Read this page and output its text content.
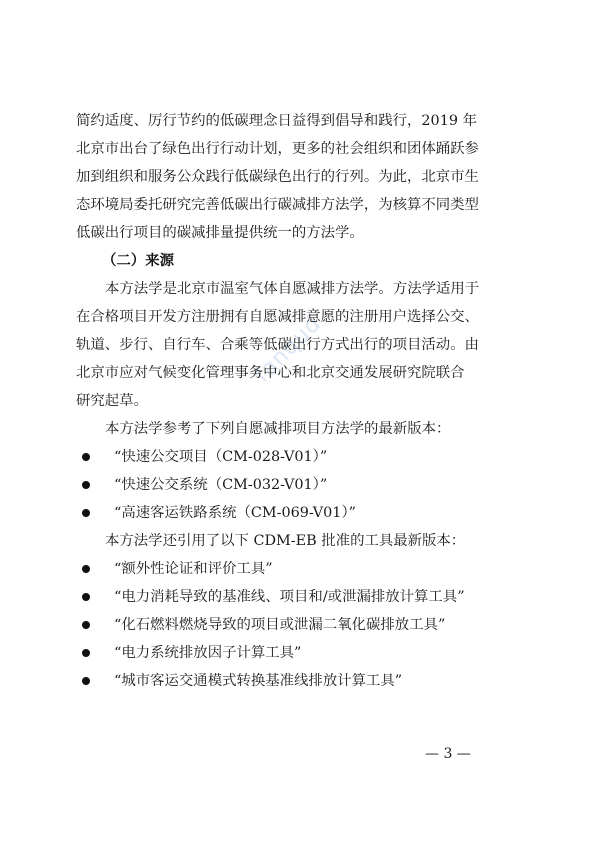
fanqud
简约适度、厉行节约的低碳理念日益得到倡导和践行，2019 年
北京市出台了绿色出行行动计划，更多的社会组织和团体踊跃参
加到组织和服务公众践行低碳绿色出行的行列。为此，北京市生
态环境局委托研究完善低碳出行碳减排方法学，为核算不同类型
低碳出行项目的碳减排量提供统一的方法学。
（二）来源
本方法学是北京市温室气体自愿减排方法学。方法学适用于
在合格项目开发方注册拥有自愿减排意愿的注册用户选择公交、
轨道、步行、自行车、合乘等低碳出行方式出行的项目活动。由
北京市应对气候变化管理事务中心和北京交通发展研究院联合
研究起草。
本方法学参考了下列自愿减排项目方法学的最新版本：
“快速公交项目（CM-028-V01）”
“快速公交系统（CM-032-V01）”
“高速客运铁路系统（CM-069-V01）”
本方法学还引用了以下 CDM-EB 批准的工具最新版本：
“额外性论证和评价工具”
“电力消耗导致的基准线、项目和/或泄漏排放计算工具”
“化石燃料燃烧导致的项目或泄漏二氧化碳排放工具”
“电力系统排放因子计算工具”
“城市客运交通模式转换基准线排放计算工具”
— 3 —
